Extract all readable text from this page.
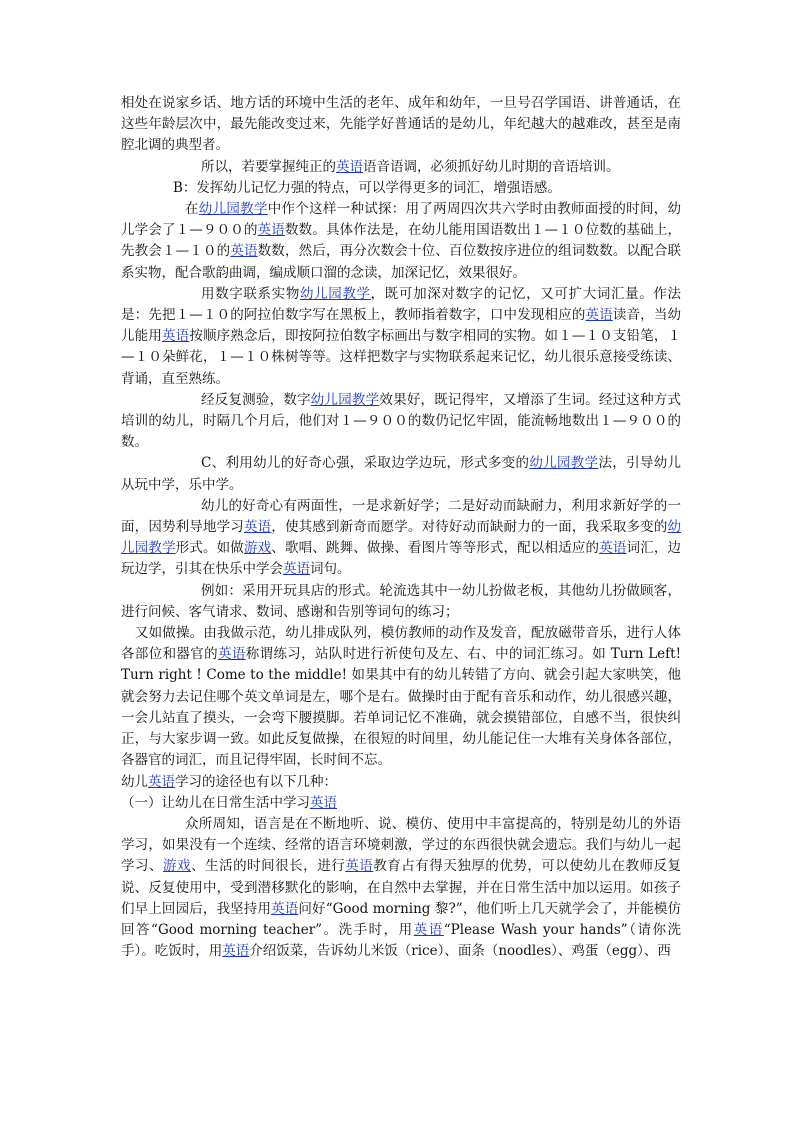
相处在说家乡话、地方话的环境中生活的老年、成年和幼年，一旦号召学国语、讲普通话，在这些年龄层次中，最先能改变过来，先能学好普通话的是幼儿，年纪越大的越难改，甚至是南腔北调的典型者。

所以，若要掌握纯正的英语语音语调，必须抓好幼儿时期的音语培训。

B：发挥幼儿记忆力强的特点，可以学得更多的词汇，增强语感。

在幼儿园教学中作个这样一种试探：用了两周四次共六学时由教师面授的时间，幼儿学会了１—９００的英语数数。具体作法是，在幼儿能用国语数出１—１０位数的基础上，先教会１—１０的英语数数，然后，再分次数会十位、百位数按序进位的组词数数。以配合联系实物，配合歌韵曲调，编成顺口溜的念读，加深记忆，效果很好。

用数字联系实物幼儿园教学，既可加深对数字的记忆，又可扩大词汇量。作法是：先把１—１０的阿拉伯数字写在黑板上，教师指着数字，口中发现相应的英语读音，当幼儿能用英语按顺序熟念后，即按阿拉伯数字标画出与数字相同的实物。如１—１０支铅笔，１—１０朵鲜花，１—１０株树等等。这样把数字与实物联系起来记忆，幼儿很乐意接受练读、背诵，直至熟练。

经反复测验，数字幼儿园教学效果好，既记得牢，又增添了生词。经过这种方式培训的幼儿，时隔几个月后，他们对１—９００的数仍记忆牢固，能流畅地数出１—９００的数。

C、利用幼儿的好奇心强，采取边学边玩，形式多变的幼儿园教学法，引导幼儿从玩中学，乐中学。

幼儿的好奇心有两面性，一是求新好学；二是好动而缺耐力，利用求新好学的一面，因势利导地学习英语，使其感到新奇而愿学。对待好动而缺耐力的一面，我采取多变的幼儿园教学形式。如做游戏、歌唱、跳舞、做操、看图片等等形式，配以相适应的英语词汇，边玩边学，引其在快乐中学会英语词句。

例如：采用开玩具店的形式。轮流选其中一幼儿扮做老板，其他幼儿扮做顾客，进行问候、客气请求、数词、感谢和告别等词句的练习；

又如做操。由我做示范，幼儿排成队列，模仿教师的动作及发音，配放磁带音乐，进行人体各部位和器官的英语称谓练习，站队时进行祈使句及左、右、中的词汇练习。如 Turn Left! Turn right ! Come to the middle! 如果其中有的幼儿转错了方向、就会引起大家哄笑，他就会努力去记住哪个英文单词是左，哪个是右。做操时由于配有音乐和动作，幼儿很感兴趣，一会儿站直了摸头，一会弯下腰摸脚。若单词记忆不准确，就会摸错部位，自感不当，很快纠正，与大家步调一致。如此反复做操，在很短的时间里，幼儿能记住一大堆有关身体各部位，各器官的词汇，而且记得牢固，长时间不忘。

幼儿英语学习的途径也有以下几种：

（一）让幼儿在日常生活中学习英语

众所周知，语言是在不断地听、说、模仿、使用中丰富提高的，特别是幼儿的外语学习，如果没有一个连续、经常的语言环境刺激，学过的东西很快就会遗忘。我们与幼儿一起学习、游戏、生活的时间很长，进行英语教育占有得天独厚的优势，可以使幼儿在教师反复说、反复使用中，受到潜移默化的影响，在自然中去掌握，并在日常生活中加以运用。如孩子们早上回园后，我坚持用英语问好“Good morning 黎?”，他们听上几天就学会了，并能模仿回答“Good morning teacher”。洗手时，用英语“Please Wash your hands”（请你洗手）。吃饭时，用英语介绍饭菜，告诉幼儿米饭（rice）、面条（noodles）、鸡蛋（egg）、西
